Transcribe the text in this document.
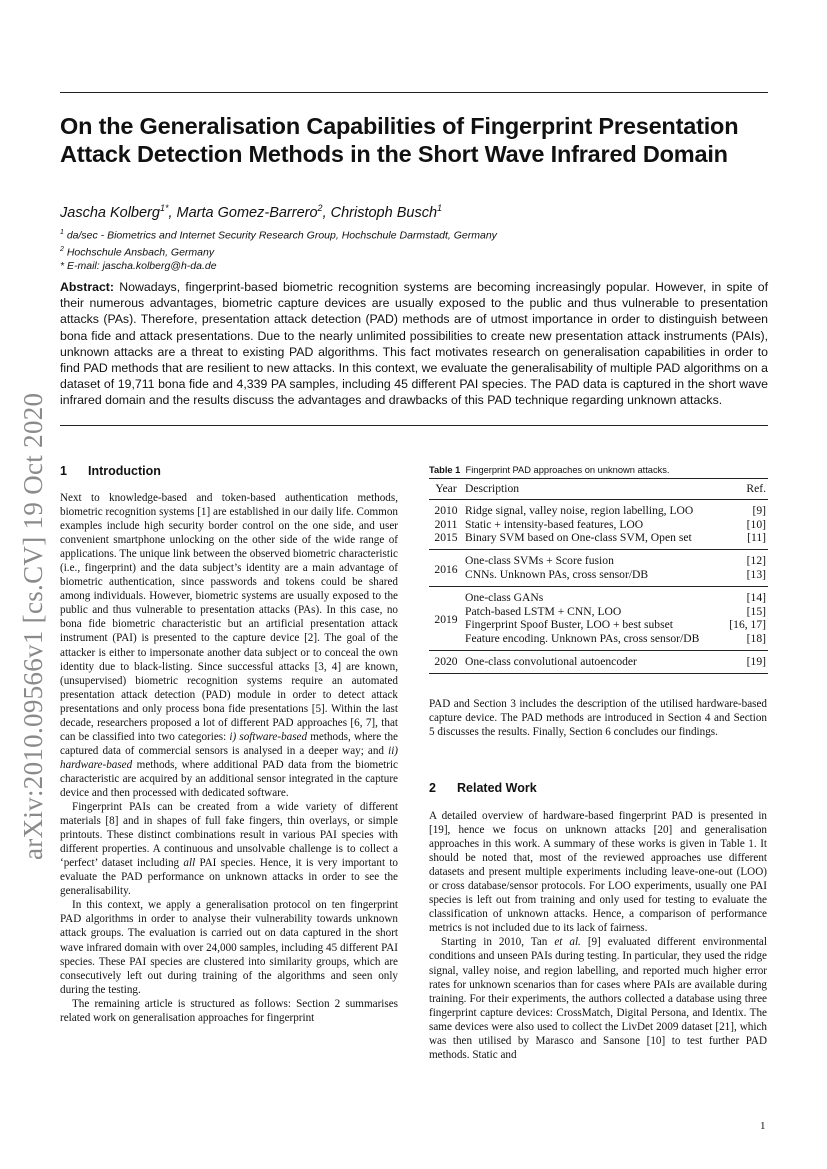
On the Generalisation Capabilities of Fingerprint Presentation Attack Detection Methods in the Short Wave Infrared Domain
Jascha Kolberg$^{1*}$, Marta Gomez-Barrero$^2$, Christoph Busch$^1$
$^1$ da/sec - Biometrics and Internet Security Research Group, Hochschule Darmstadt, Germany
$^2$ Hochschule Ansbach, Germany
* E-mail: jascha.kolberg@h-da.de

Abstract: Nowadays, fingerprint-based biometric recognition systems are becoming increasingly popular. However, in spite of their numerous advantages, biometric capture devices are usually exposed to the public and thus vulnerable to presentation attacks (PAs). Therefore, presentation attack detection (PAD) methods are of utmost importance in order to distinguish between bona fide and attack presentations. Due to the nearly unlimited possibilities to create new presentation attack instruments (PAIs), unknown attacks are a threat to existing PAD algorithms. This fact motivates research on generalisation capabilities in order to find PAD methods that are resilient to new attacks. In this context, we evaluate the generalisability of multiple PAD algorithms on a dataset of 19,711 bona fide and 4,339 PA samples, including 45 different PAI species. The PAD data is captured in the short wave infrared domain and the results discuss the advantages and drawbacks of this PAD technique regarding unknown attacks.

arXiv:2010.09566v1 [cs.CV] 19 Oct 2020 1 Introduction

Next to knowledge-based and token-based authentication methods, biometric recognition systems [1] are established in our daily life. Common examples include high security border control on the one side, and user convenient smartphone unlocking on the other side of the wide range of applications. The unique link between the observed biometric characteristic (i.e., fingerprint) and the data subject’s identity are a main advantage of biometric authentication, since passwords and tokens could be shared among individuals. However, biometric systems are usually exposed to the public and thus vulnerable to presentation attacks (PAs). In this case, no bona fide biometric characteristic but an artificial presentation attack instrument (PAI) is presented to the capture device [2]. The goal of the attacker is either to impersonate another data subject or to conceal the own identity due to black-listing. Since successful attacks [3, 4] are known, (unsupervised) biometric recognition systems require an automated presentation attack detection (PAD) module in order to detect attack presentations and only process bona fide presentations [5]. Within the last decade, researchers proposed a lot of different PAD approaches [6, 7], that can be classified into two categories: i) software-based methods, where the captured data of commercial sensors is analysed in a deeper way; and ii) hardware-based methods, where additional PAD data from the biometric characteristic are acquired by an additional sensor integrated in the capture device and then processed with dedicated software.

Fingerprint PAIs can be created from a wide variety of different materials [8] and in shapes of full fake fingers, thin overlays, or simple printouts. These distinct combinations result in various PAI species with different properties. A continuous and unsolvable challenge is to collect a ‘perfect’ dataset including all PAI species. Hence, it is very important to evaluate the PAD performance on unknown attacks in order to see the generalisability.

In this context, we apply a generalisation protocol on ten fingerprint PAD algorithms in order to analyse their vulnerability towards unknown attack groups. The evaluation is carried out on data captured in the short wave infrared domain with over 24,000 samples, including 45 different PAI species. These PAI species are clustered into similarity groups, which are consecutively left out during training of the algorithms and seen only during the testing.

The remaining article is structured as follows: Section 2 summarises related work on generalisation approaches for fingerprint

Table 1 Fingerprint PAD approaches on unknown attacks.
Year	Description	Ref.
2010	Ridge signal, valley noise, region labelling, LOO	[9]
2011	Static + intensity-based features, LOO	[10]
2015	Binary SVM based on One-class SVM, Open set	[11]
2016	One-class SVMs + Score fusion	[12]
	CNNs. Unknown PAs, cross sensor/DB	[13]
2019	One-class GANs	[14]
	Patch-based LSTM + CNN, LOO	[15]
	Fingerprint Spoof Buster, LOO + best subset	[16, 17]
	Feature encoding. Unknown PAs, cross sensor/DB	[18]
2020	One-class convolutional autoencoder	[19]

PAD and Section 3 includes the description of the utilised hardware-based capture device. The PAD methods are introduced in Section 4 and Section 5 discusses the results. Finally, Section 6 concludes our findings.

2 Related Work

A detailed overview of hardware-based fingerprint PAD is presented in [19], hence we focus on unknown attacks [20] and generalisation approaches in this work. A summary of these works is given in Table 1. It should be noted that, most of the reviewed approaches use different datasets and present multiple experiments including leave-one-out (LOO) or cross database/sensor protocols. For LOO experiments, usually one PAI species is left out from training and only used for testing to evaluate the classification of unknown attacks. Hence, a comparison of performance metrics is not included due to its lack of fairness.

Starting in 2010, Tan et al. [9] evaluated different environmental conditions and unseen PAIs during testing. In particular, they used the ridge signal, valley noise, and region labelling, and reported much higher error rates for unknown scenarios than for cases where PAIs are available during training. For their experiments, the authors collected a database using three fingerprint capture devices: CrossMatch, Digital Persona, and Identix. The same devices were also used to collect the LivDet 2009 dataset [21], which was then utilised by Marasco and Sansone [10] to test further PAD methods. Static and

1
